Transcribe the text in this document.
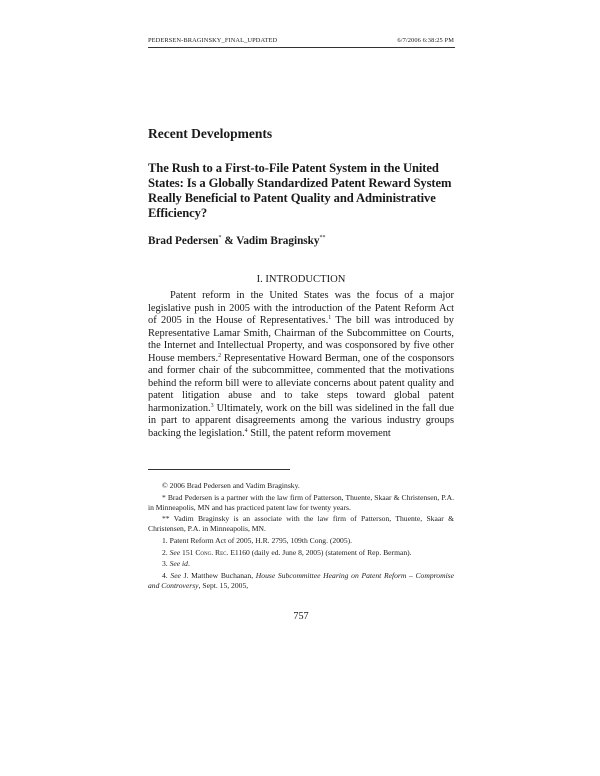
PEDERSEN-BRAGINSKY_FINAL_UPDATED	6/7/2006 6:38:25 PM
Recent Developments
The Rush to a First-to-File Patent System in the United States: Is a Globally Standardized Patent Reward System Really Beneficial to Patent Quality and Administrative Efficiency?
Brad Pedersen* & Vadim Braginsky**
I. INTRODUCTION

Patent reform in the United States was the focus of a major legislative push in 2005 with the introduction of the Patent Reform Act of 2005 in the House of Representatives.$^1$ The bill was introduced by Representative Lamar Smith, Chairman of the Subcommittee on Courts, the Internet and Intellectual Property, and was cosponsored by five other House members.$^2$ Representative Howard Berman, one of the cosponsors and former chair of the subcommittee, commented that the motivations behind the reform bill were to alleviate concerns about patent quality and patent litigation abuse and to take steps toward global patent harmonization.$^3$ Ultimately, work on the bill was sidelined in the fall due in part to apparent disagreements among the various industry groups backing the legislation.$^4$ Still, the patent reform movement

© 2006 Brad Pedersen and Vadim Braginsky.

* Brad Pedersen is a partner with the law firm of Patterson, Thuente, Skaar & Christensen, P.A. in Minneapolis, MN and has practiced patent law for twenty years.

** Vadim Braginsky is an associate with the law firm of Patterson, Thuente, Skaar & Christensen, P.A. in Minneapolis, MN.

1. Patent Reform Act of 2005, H.R. 2795, 109th Cong. (2005).

2. See 151 Cong. Rec. E1160 (daily ed. June 8, 2005) (statement of Rep. Berman).

3. See id.

4. See J. Matthew Buchanan, House Subcommittee Hearing on Patent Reform – Compromise and Controversy, Sept. 15, 2005,

757
